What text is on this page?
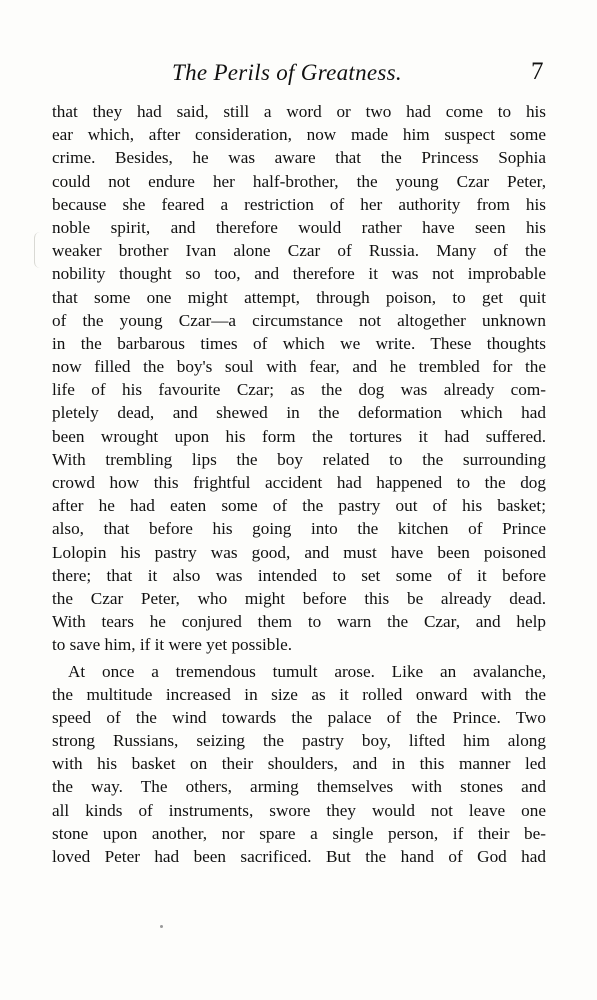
The Perils of Greatness.	7
that they had said, still a word or two had come to his
ear which, after consideration, now made him suspect some
crime. Besides, he was aware that the Princess Sophia
could not endure her half-brother, the young Czar Peter,
because she feared a restriction of her authority from his
noble spirit, and therefore would rather have seen his
weaker brother Ivan alone Czar of Russia. Many of the
nobility thought so too, and therefore it was not improbable
that some one might attempt, through poison, to get quit
of the young Czar—a circumstance not altogether unknown
in the barbarous times of which we write. These thoughts
now filled the boy's soul with fear, and he trembled for the
life of his favourite Czar; as the dog was already com-
pletely dead, and shewed in the deformation which had
been wrought upon his form the tortures it had suffered.
With trembling lips the boy related to the surrounding
crowd how this frightful accident had happened to the dog
after he had eaten some of the pastry out of his basket;
also, that before his going into the kitchen of Prince
Lolopin his pastry was good, and must have been poisoned
there; that it also was intended to set some of it before
the Czar Peter, who might before this be already dead.
With tears he conjured them to warn the Czar, and help
to save him, if it were yet possible.
At once a tremendous tumult arose. Like an avalanche,
the multitude increased in size as it rolled onward with the
speed of the wind towards the palace of the Prince. Two
strong Russians, seizing the pastry boy, lifted him along
with his basket on their shoulders, and in this manner led
the way. The others, arming themselves with stones and
all kinds of instruments, swore they would not leave one
stone upon another, nor spare a single person, if their be-
loved Peter had been sacrificed. But the hand of God had
